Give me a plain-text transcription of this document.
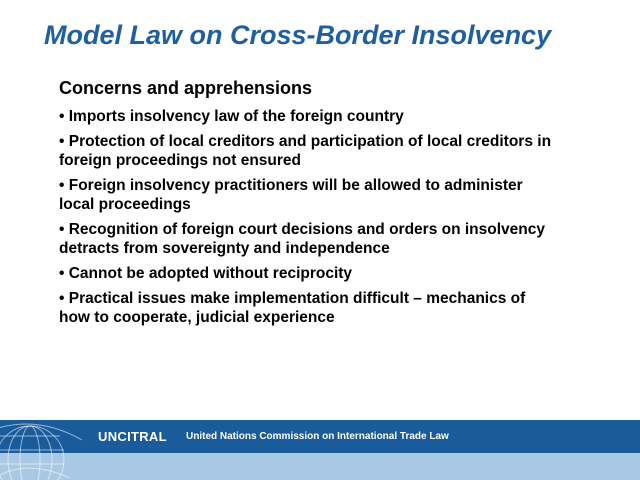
Model Law on Cross-Border Insolvency
Concerns and apprehensions
• Imports insolvency law of the foreign country
• Protection of local creditors and participation of local creditors in foreign proceedings not ensured
• Foreign insolvency practitioners will be allowed to administer local proceedings
• Recognition of foreign court decisions and orders on insolvency detracts from sovereignty and independence
• Cannot be adopted without reciprocity
• Practical issues make implementation difficult – mechanics of how to cooperate, judicial experience
UNCITRAL United Nations Commission on International Trade Law
